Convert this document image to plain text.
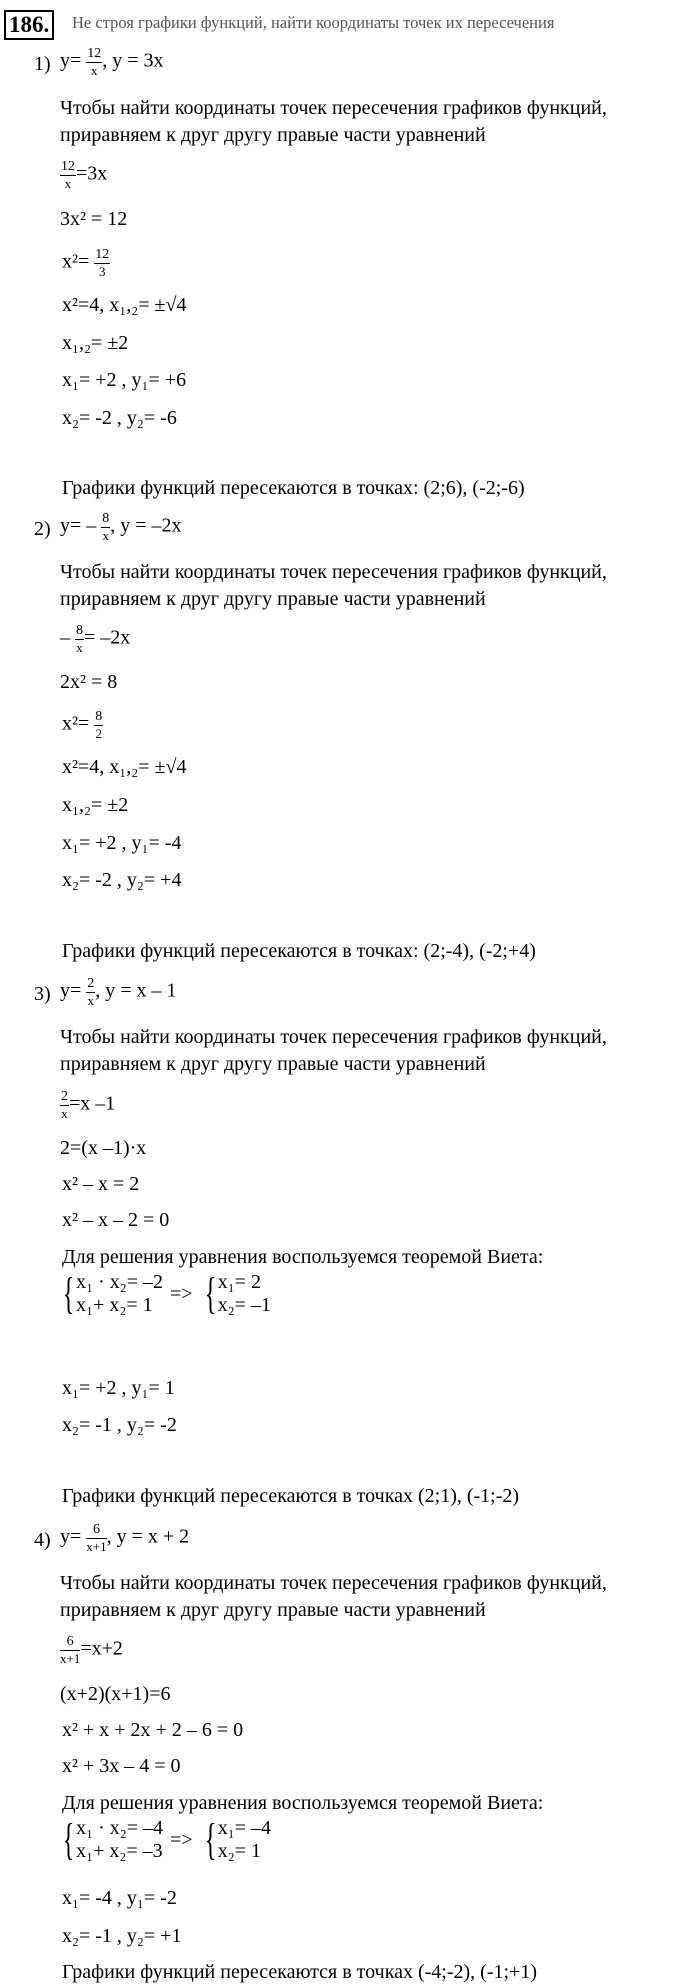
186.	Не строя графики функций, найти координаты точек их пересечения
1) $y= \frac{12}{x}$ , y = 3x
Чтобы найти координаты точек пересечения графиков функций,
приравняем к друг другу правые части уравнений
$\frac{12}{x} =3x$
3x² = 12
$x^2= \frac{12}{3}$
x²=4, x₁,₂= ±√4
x₁,₂= ±2
x₁= +2 , y₁= +6
x₂= -2 , y₂= -6
Графики функций пересекаются в точках: (2;6), (-2;-6)
2) $y= - \frac{8}{x}$ , y = –2x
Чтобы найти координаты точек пересечения графиков функций,
приравняем к друг другу правые части уравнений
– $\frac{8}{x} = -2x$
2x² = 8
$x^2= \frac{8}{2}$
x²=4, x₁,₂= ±√4
x₁,₂= ±2
x₁= +2 , y₁= -4
x₂= -2 , y₂= +4
Графики функций пересекаются в точках: (2;-4), (-2;+4)
3) $y= \frac{2}{x}$ , y = x – 1
Чтобы найти координаты точек пересечения графиков функций,
приравняем к друг другу правые части уравнений
$\frac{2}{x} =x$ –1
2=(x –1)·x
x² – x = 2
x² – x – 2 = 0
Для решения уравнения воспользуемся теоремой Виета:
{ x₁ · x₂= –2
x₁+ x₂= 1 => { x₁= 2
x₂= –1
x₁= +2 , y₁= 1
x₂= -1 , y₂= -2
Графики функций пересекаются в точках (2;1), (-1;-2)
4) $y= \frac{6}{x+1}$ , y = x + 2
Чтобы найти координаты точек пересечения графиков функций,
приравняем к друг другу правые части уравнений
$\frac{6}{x+1} =x+2$
(x+2)(x+1)=6
x² + x + 2x + 2 – 6 = 0
x² + 3x – 4 = 0
Для решения уравнения воспользуемся теоремой Виета:
{ x₁ · x₂= –4
x₁+ x₂= –3 => { x₁= –4
x₂= 1
x₁= -4 , y₁= -2
x₂= -1 , y₂= +1
Графики функций пересекаются в точках (-4;-2), (-1;+1)
